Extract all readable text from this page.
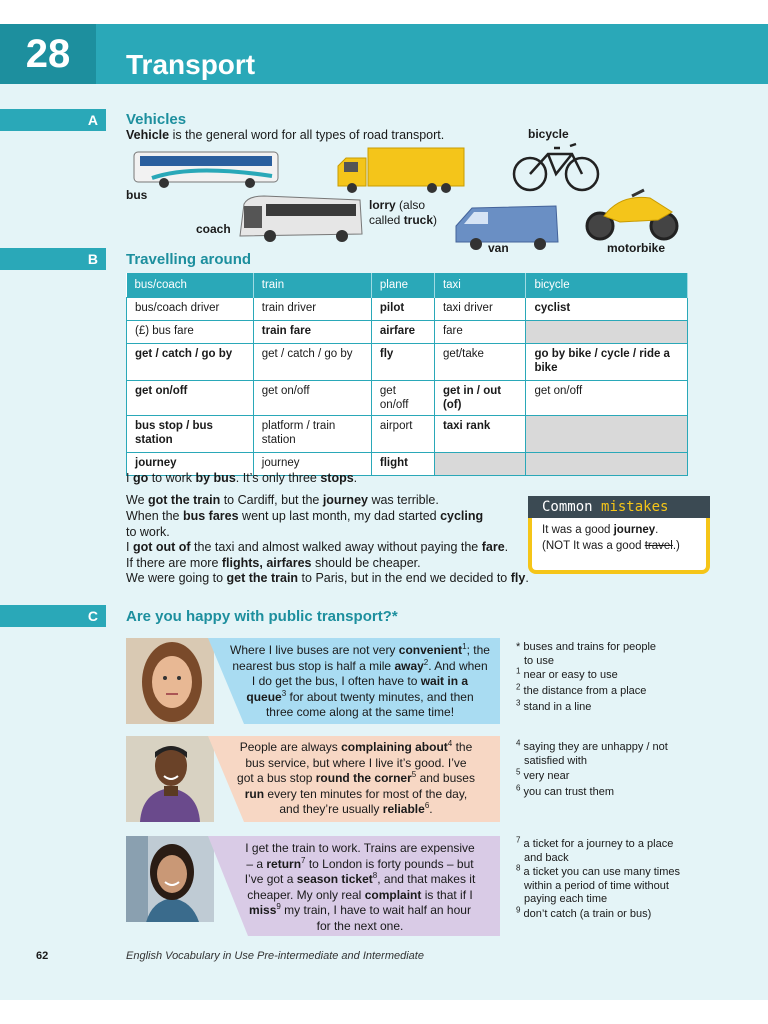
28	Transport
A	Vehicles
Vehicle is the general word for all types of road transport.
bus
coach
lorry (also
called truck)
van
bicycle
motorbike
B	Travelling around
bus/coach	train	plane	taxi	bicycle
bus/coach driver	train driver	pilot	taxi driver	cyclist
(£) bus fare	train fare	airfare	fare	
get / catch / go by	get / catch / go by	fly	get/take	go by bike / cycle / ride a bike
get on/off	get on/off	get on/off	get in / out (of)	get on/off
bus stop / bus station	platform / train station	airport	taxi rank	
journey	journey	flight		
I go to work by bus. It’s only three stops.
We got the train to Cardiff, but the journey was terrible.
When the bus fares went up last month, my dad started cycling
to work.
I got out of the taxi and almost walked away without paying the fare.
If there are more flights, airfares should be cheaper.
We were going to get the train to Paris, but in the end we decided to fly.
Common mistakes
It was a good journey.
(NOT It was a good travel.)
C	Are you happy with public transport?*
Where I live buses are not very convenient$^1$; the
nearest bus stop is half a mile away$^2$. And when
I do get the bus, I often have to wait in a
queue$^3$ for about twenty minutes, and then
three come along at the same time!
People are always complaining about$^4$ the
bus service, but where I live it’s good. I’ve
got a bus stop round the corner$^5$ and buses
run every ten minutes for most of the day,
and they’re usually reliable$^6$.
I get the train to work. Trains are expensive
– a return$^7$ to London is forty pounds – but
I’ve got a season ticket$^8$, and that makes it
cheaper. My only real complaint is that if I
miss$^9$ my train, I have to wait half an hour
for the next one.
* buses and trains for people
to use
$^1$ near or easy to use
$^2$ the distance from a place
$^3$ stand in a line
$^4$ saying they are unhappy / not
satisfied with
$^5$ very near
$^6$ you can trust them
$^7$ a ticket for a journey to a place
and back
$^8$ a ticket you can use many times
within a period of time without
paying each time
$^9$ don’t catch (a train or bus)
62	English Vocabulary in Use Pre-intermediate and Intermediate
